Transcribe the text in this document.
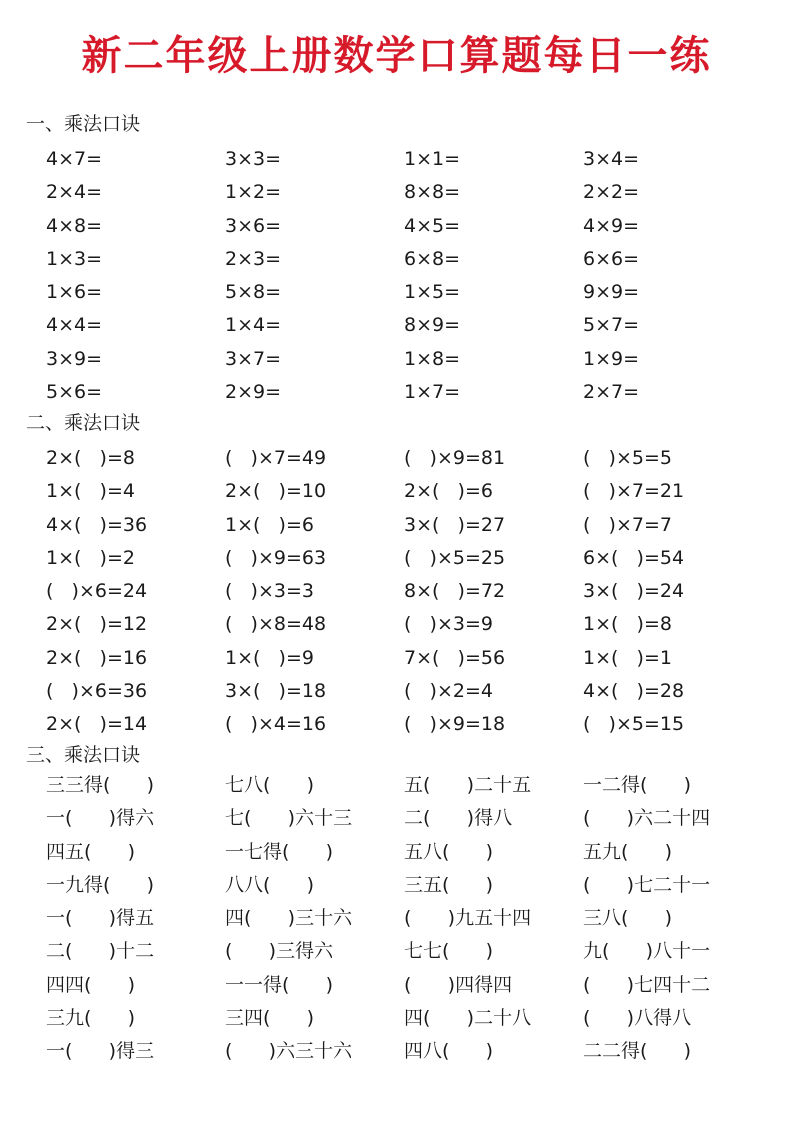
新二年级上册数学口算题每日一练
一、乘法口诀
4×7=	3×3=	1×1=	3×4=
2×4=	1×2=	8×8=	2×2=
4×8=	3×6=	4×5=	4×9=
1×3=	2×3=	6×8=	6×6=
1×6=	5×8=	1×5=	9×9=
4×4=	1×4=	8×9=	5×7=
3×9=	3×7=	1×8=	1×9=
5×6=	2×9=	1×7=	2×7=
二、乘法口诀
2×(   )=8	(   )×7=49	(   )×9=81	(   )×5=5
1×(   )=4	2×(   )=10	2×(   )=6	(   )×7=21
4×(   )=36	1×(   )=6	3×(   )=27	(   )×7=7
1×(   )=2	(   )×9=63	(   )×5=25	6×(   )=54
(   )×6=24	(   )×3=3	8×(   )=72	3×(   )=24
2×(   )=12	(   )×8=48	(   )×3=9	1×(   )=8
2×(   )=16	1×(   )=9	7×(   )=56	1×(   )=1
(   )×6=36	3×(   )=18	(   )×2=4	4×(   )=28
2×(   )=14	(   )×4=16	(   )×9=18	(   )×5=15
三、乘法口诀
三三得(      )	七八(      )	五(      )二十五	一二得(      )
一(      )得六	七(      )六十三	二(      )得八	(      )六二十四
四五(      )	一七得(      )	五八(      )	五九(      )
一九得(      )	八八(      )	三五(      )	(      )七二十一
一(      )得五	四(      )三十六	(      )九五十四	三八(      )
二(      )十二	(      )三得六	七七(      )	九(      )八十一
四四(      )	一一得(      )	(      )四得四	(      )七四十二
三九(      )	三四(      )	四(      )二十八	(      )八得八
一(      )得三	(      )六三十六	四八(      )	二二得(      )
